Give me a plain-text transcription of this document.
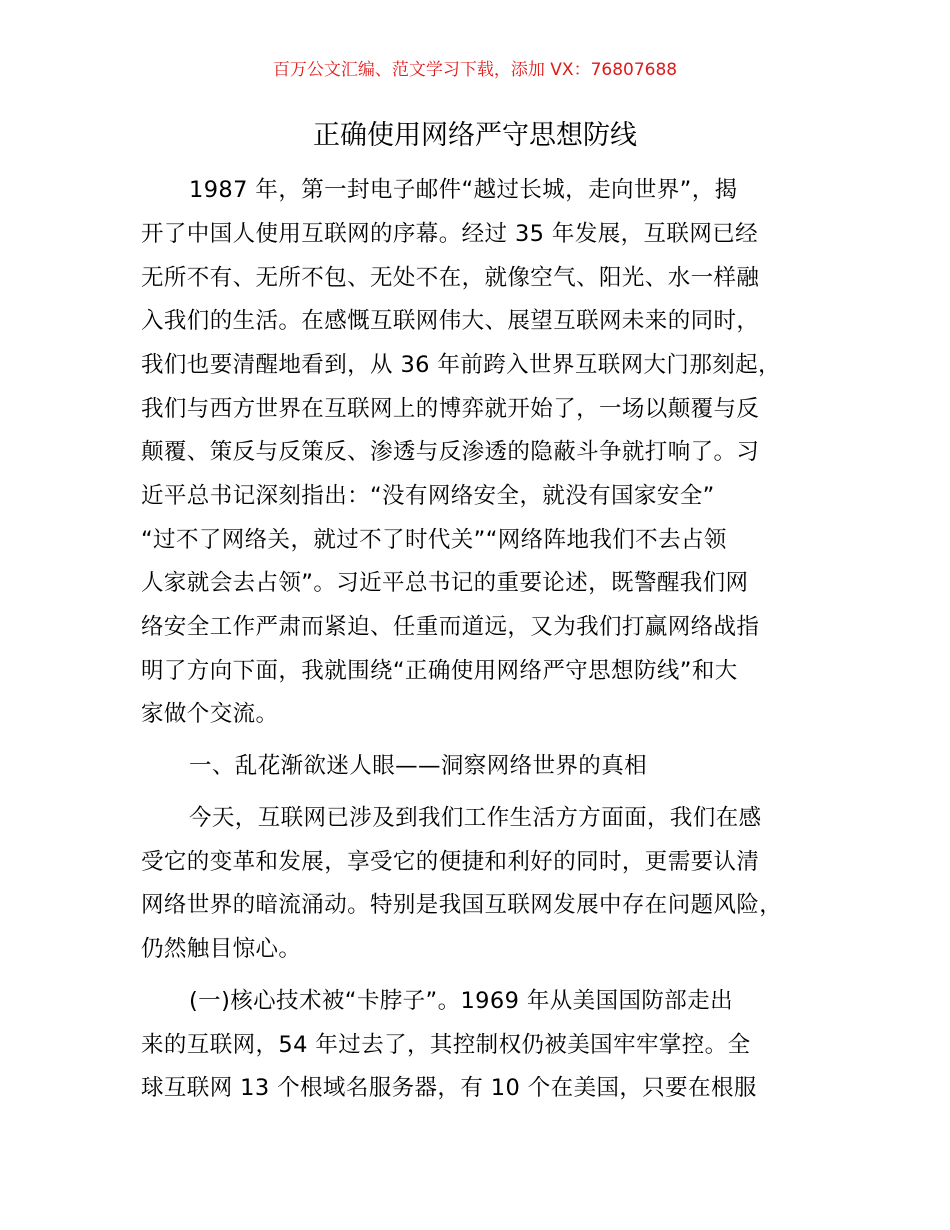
百万公文汇编、范文学习下载，添加 VX：76807688
正确使用网络严守思想防线
1987 年，第一封电子邮件“越过长城，走向世界”，揭
开了中国人使用互联网的序幕。经过 35 年发展，互联网已经
无所不有、无所不包、无处不在，就像空气、阳光、水一样融
入我们的生活。在感慨互联网伟大、展望互联网未来的同时，
我们也要清醒地看到，从 36 年前跨入世界互联网大门那刻起，
我们与西方世界在互联网上的博弈就开始了，一场以颠覆与反
颠覆、策反与反策反、渗透与反渗透的隐蔽斗争就打响了。习
近平总书记深刻指出：“没有网络安全，就没有国家安全”
“过不了网络关，就过不了时代关”“网络阵地我们不去占领
人家就会去占领”。习近平总书记的重要论述，既警醒我们网
络安全工作严肃而紧迫、任重而道远，又为我们打赢网络战指
明了方向下面，我就围绕“正确使用网络严守思想防线”和大
家做个交流。
一、乱花渐欲迷人眼——洞察网络世界的真相
今天，互联网已涉及到我们工作生活方方面面，我们在感
受它的变革和发展，享受它的便捷和利好的同时，更需要认清
网络世界的暗流涌动。特别是我国互联网发展中存在问题风险，
仍然触目惊心。
(一)核心技术被“卡脖子”。1969 年从美国国防部走出
来的互联网，54 年过去了，其控制权仍被美国牢牢掌控。全
球互联网 13 个根域名服务器，有 10 个在美国，只要在根服
